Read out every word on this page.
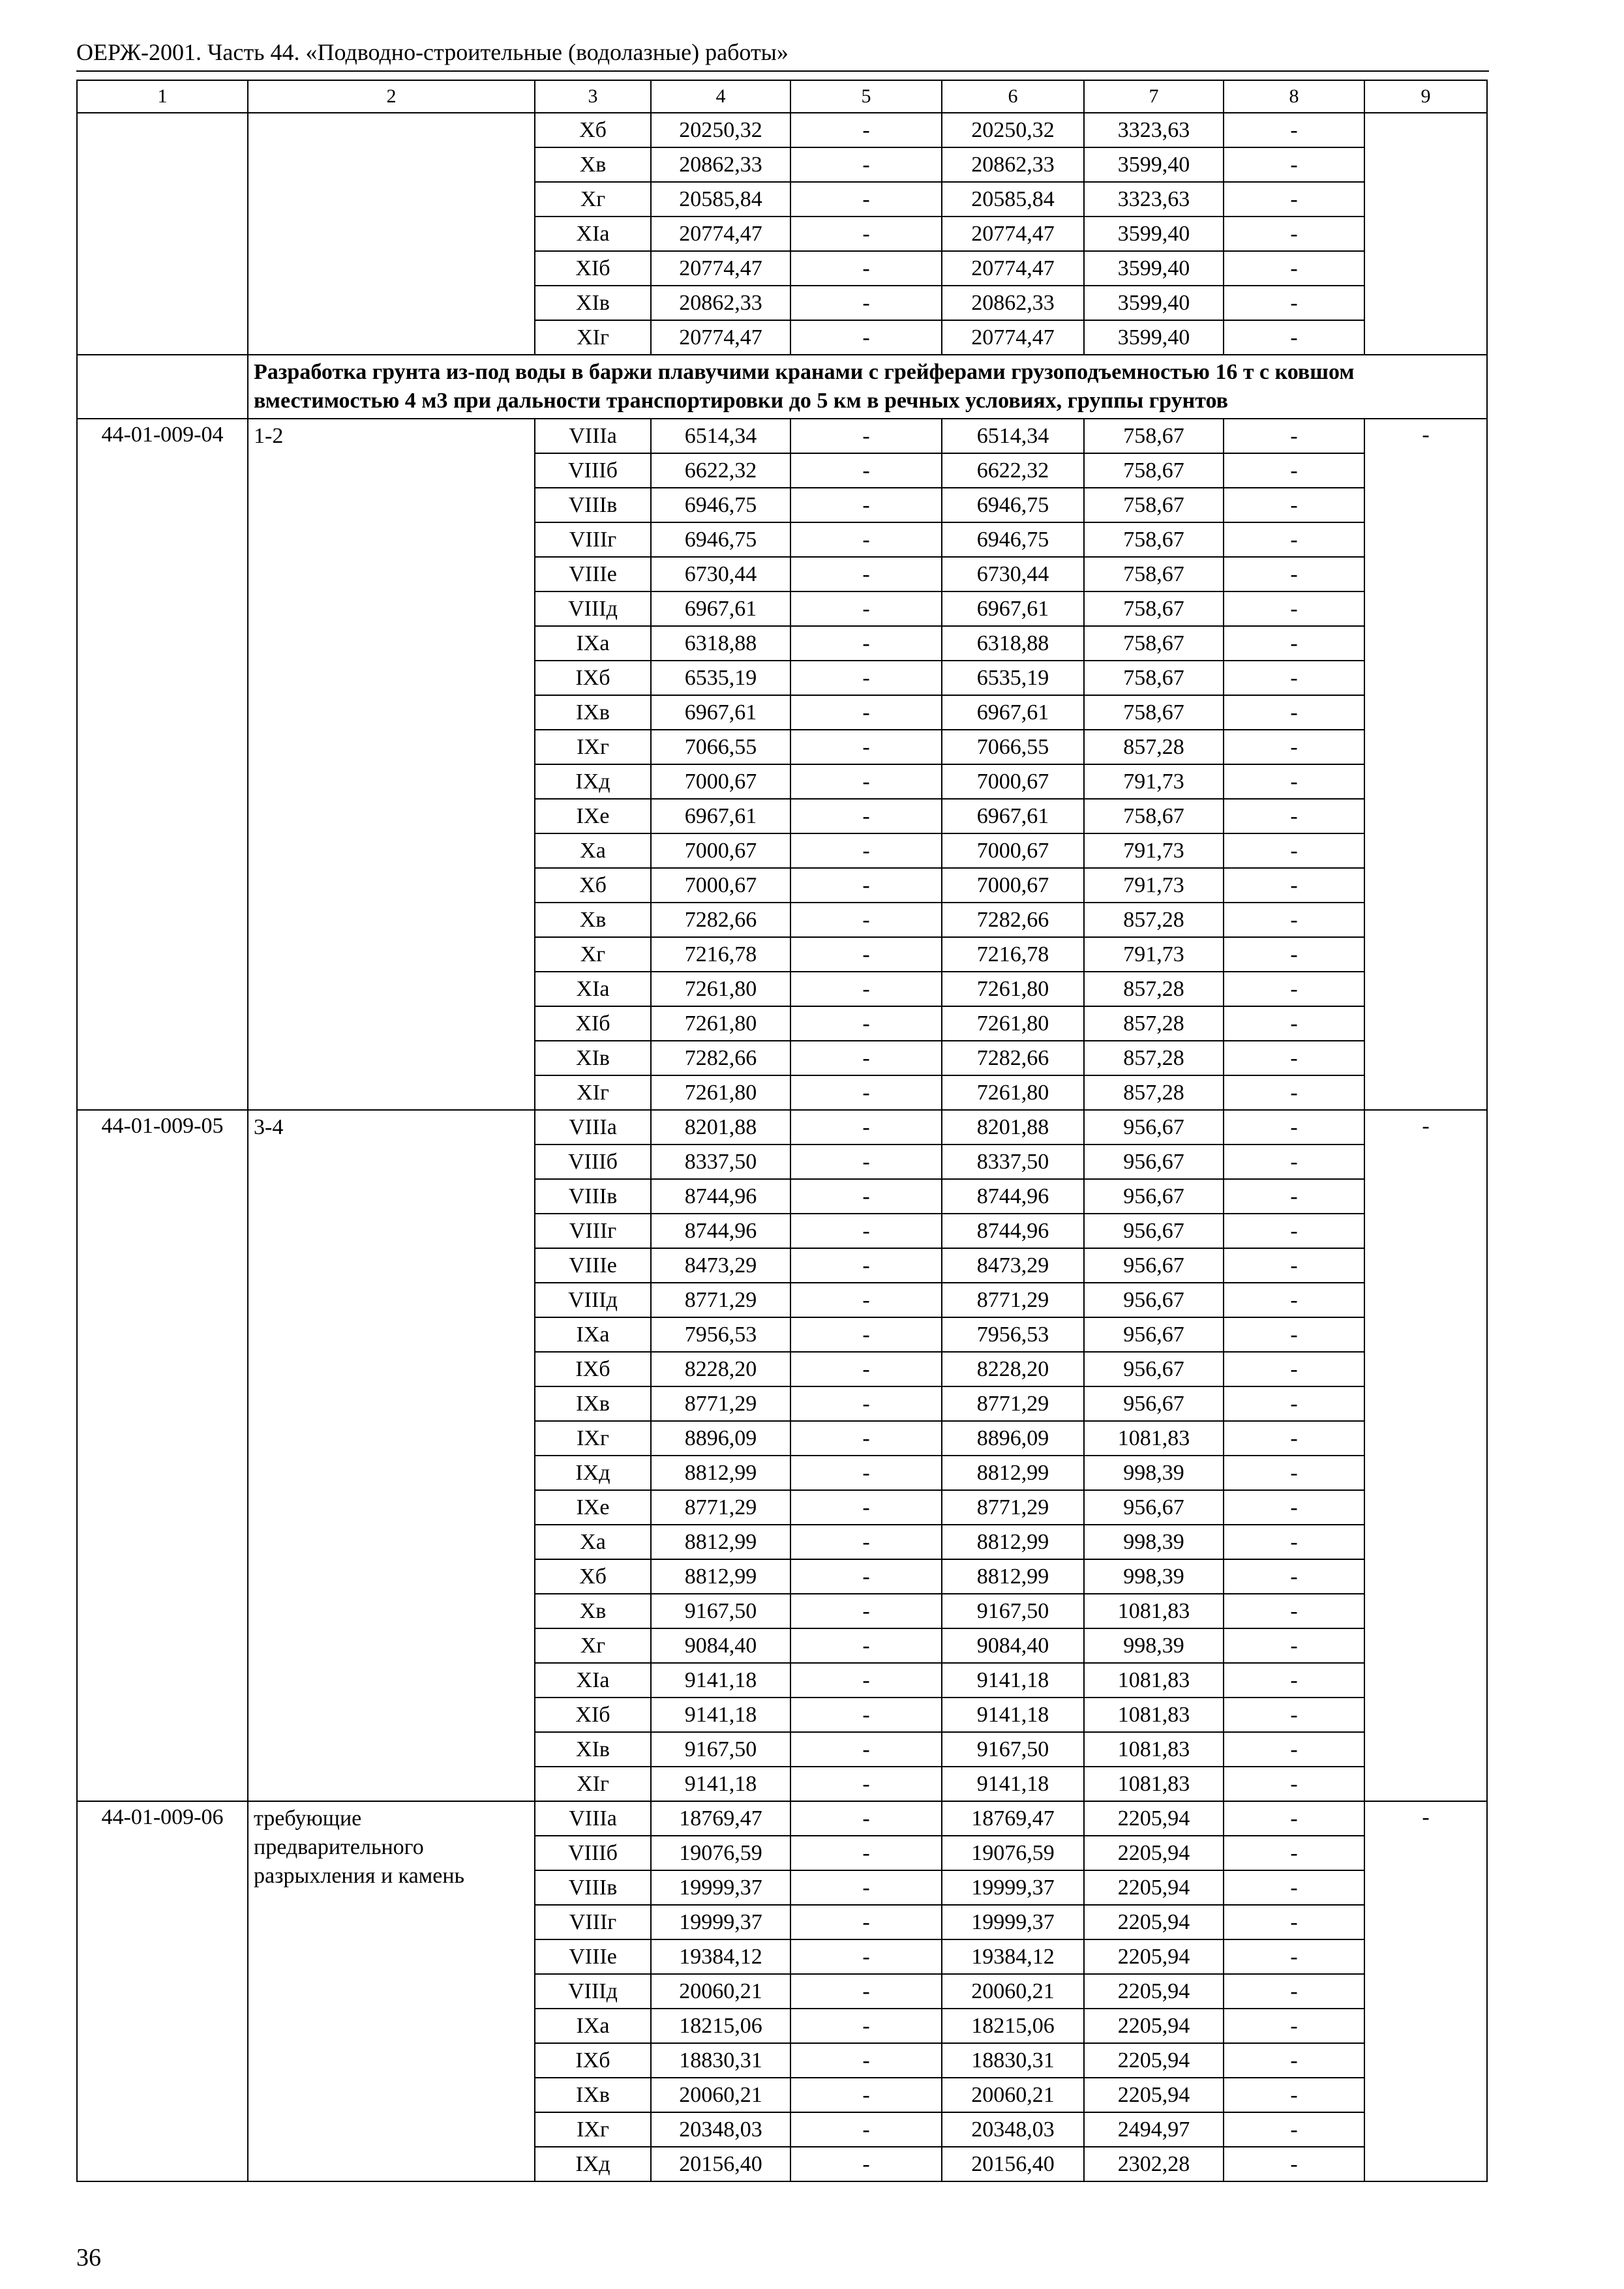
ОЕРЖ-2001. Часть 44. «Подводно-строительные (водолазные) работы»
1	2	3	4	5	6	7	8	9
		Хб	20250,32	-	20250,32	3323,63	-	
		Хв	20862,33	-	20862,33	3599,40	-	
		Хг	20585,84	-	20585,84	3323,63	-	
		ХIа	20774,47	-	20774,47	3599,40	-	
		ХIб	20774,47	-	20774,47	3599,40	-	
		ХIв	20862,33	-	20862,33	3599,40	-	
		ХIг	20774,47	-	20774,47	3599,40	-	
	Разработка грунта из-под воды в баржи плавучими кранами с грейферами грузоподъемностью 16 т с ковшом вместимостью 4 м3 при дальности транспортировки до 5 км в речных условиях, группы грунтов							
44-01-009-04	1-2	VIIIа	6514,34	-	6514,34	758,67	-	-
		VIIIб	6622,32	-	6622,32	758,67	-	
		VIIIв	6946,75	-	6946,75	758,67	-	
		VIIIг	6946,75	-	6946,75	758,67	-	
		VIIIе	6730,44	-	6730,44	758,67	-	
		VIIIд	6967,61	-	6967,61	758,67	-	
		IXа	6318,88	-	6318,88	758,67	-	
		IXб	6535,19	-	6535,19	758,67	-	
		IXв	6967,61	-	6967,61	758,67	-	
		IXг	7066,55	-	7066,55	857,28	-	
		IXд	7000,67	-	7000,67	791,73	-	
		IXе	6967,61	-	6967,61	758,67	-	
		Ха	7000,67	-	7000,67	791,73	-	
		Хб	7000,67	-	7000,67	791,73	-	
		Хв	7282,66	-	7282,66	857,28	-	
		Хг	7216,78	-	7216,78	791,73	-	
		ХIа	7261,80	-	7261,80	857,28	-	
		ХIб	7261,80	-	7261,80	857,28	-	
		ХIв	7282,66	-	7282,66	857,28	-	
		ХIг	7261,80	-	7261,80	857,28	-	
44-01-009-05	3-4	VIIIа	8201,88	-	8201,88	956,67	-	-
		VIIIб	8337,50	-	8337,50	956,67	-	
		VIIIв	8744,96	-	8744,96	956,67	-	
		VIIIг	8744,96	-	8744,96	956,67	-	
		VIIIе	8473,29	-	8473,29	956,67	-	
		VIIIд	8771,29	-	8771,29	956,67	-	
		IXа	7956,53	-	7956,53	956,67	-	
		IXб	8228,20	-	8228,20	956,67	-	
		IXв	8771,29	-	8771,29	956,67	-	
		IXг	8896,09	-	8896,09	1081,83	-	
		IXд	8812,99	-	8812,99	998,39	-	
		IXе	8771,29	-	8771,29	956,67	-	
		Ха	8812,99	-	8812,99	998,39	-	
		Хб	8812,99	-	8812,99	998,39	-	
		Хв	9167,50	-	9167,50	1081,83	-	
		Хг	9084,40	-	9084,40	998,39	-	
		ХIа	9141,18	-	9141,18	1081,83	-	
		ХIб	9141,18	-	9141,18	1081,83	-	
		ХIв	9167,50	-	9167,50	1081,83	-	
		ХIг	9141,18	-	9141,18	1081,83	-	
44-01-009-06	требующие предварительного разрыхления и камень	VIIIа	18769,47	-	18769,47	2205,94	-	-
		VIIIб	19076,59	-	19076,59	2205,94	-	
		VIIIв	19999,37	-	19999,37	2205,94	-	
		VIIIг	19999,37	-	19999,37	2205,94	-	
		VIIIе	19384,12	-	19384,12	2205,94	-	
		VIIIд	20060,21	-	20060,21	2205,94	-	
		IXа	18215,06	-	18215,06	2205,94	-	
		IXб	18830,31	-	18830,31	2205,94	-	
		IXв	20060,21	-	20060,21	2205,94	-	
		IXг	20348,03	-	20348,03	2494,97	-	
		IXд	20156,40	-	20156,40	2302,28	-	
36
